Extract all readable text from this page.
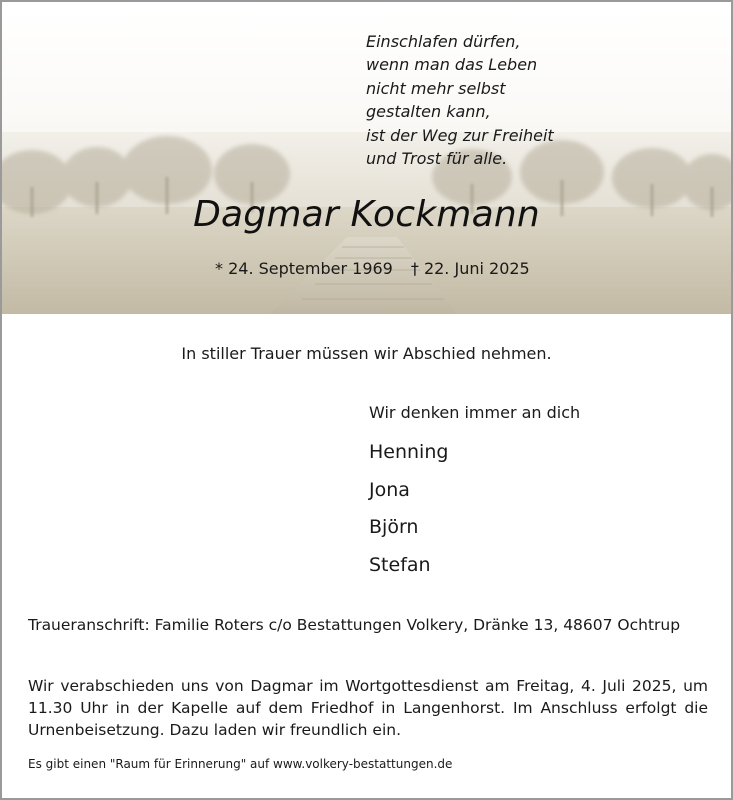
Einschlafen dürfen,
wenn man das Leben
nicht mehr selbst
gestalten kann,
ist der Weg zur Freiheit
und Trost für alle.
Dagmar Kockmann
* 24. September 1969 † 22. Juni 2025
In stiller Trauer müssen wir Abschied nehmen.
Wir denken immer an dich
Henning
Jona
Björn
Stefan
Traueranschrift: Familie Roters c/o Bestattungen Volkery, Dränke 13, 48607 Ochtrup

Wir verabschieden uns von Dagmar im Wortgottesdienst am Freitag, 4. Juli 2025, um 11.30 Uhr in der Kapelle auf dem Friedhof in Langenhorst. Im Anschluss erfolgt die Urnenbeisetzung. Dazu laden wir freundlich ein.

Es gibt einen "Raum für Erinnerung" auf www.volkery-bestattungen.de
